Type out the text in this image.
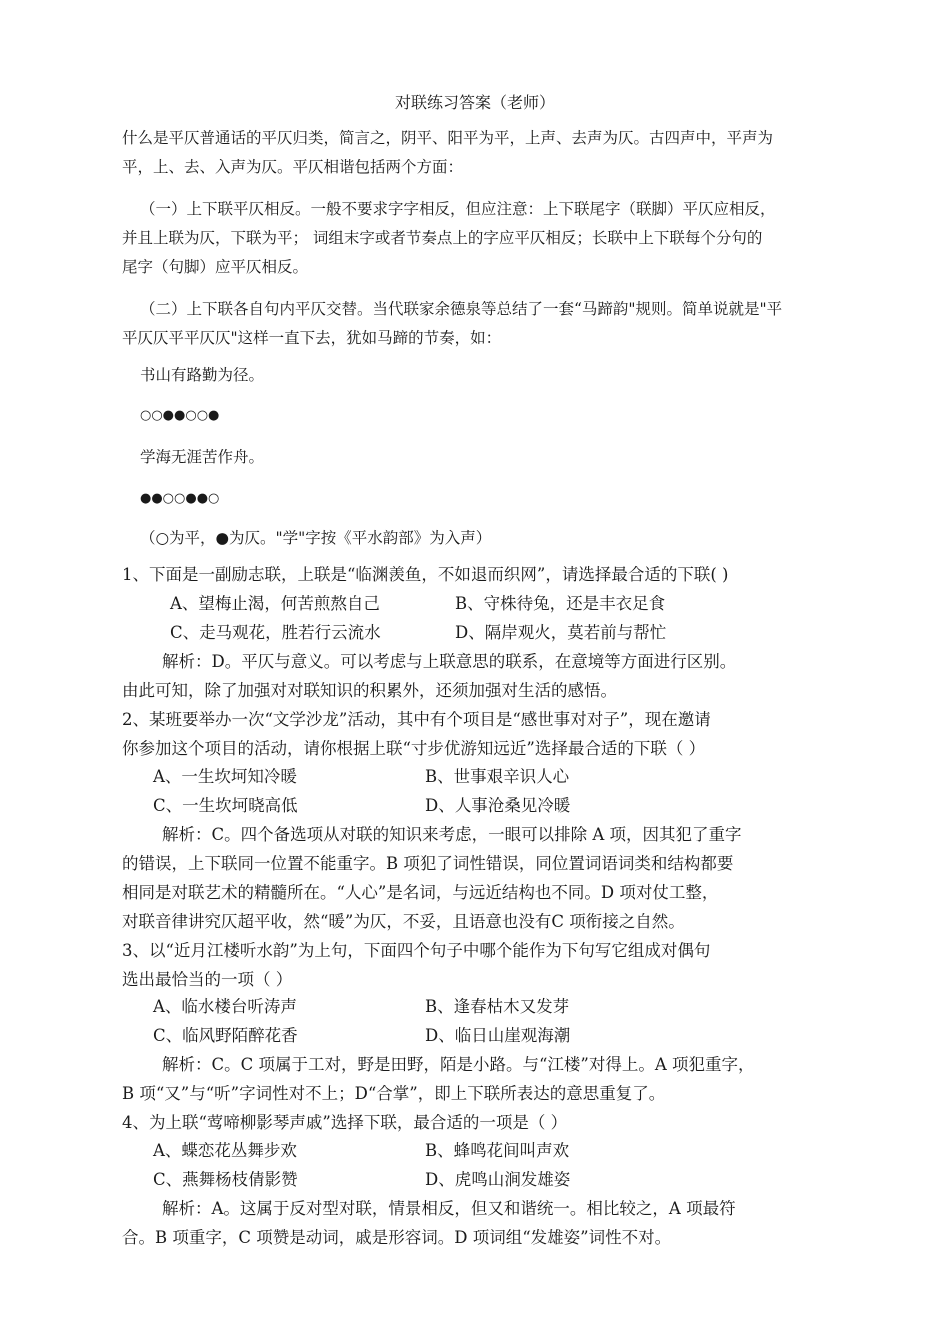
对联练习答案（老师）
什么是平仄普通话的平仄归类，简言之，阴平、阳平为平，上声、去声为仄。古四声中，平声为
平，上、去、入声为仄。平仄相谐包括两个方面：
（一）上下联平仄相反。一般不要求字字相反，但应注意：上下联尾字（联脚）平仄应相反，
并且上联为仄，下联为平； 词组末字或者节奏点上的字应平仄相反；长联中上下联每个分句的
尾字（句脚）应平仄相反。
（二）上下联各自句内平仄交替。当代联家余德泉等总结了一套“马蹄韵"规则。简单说就是"平
平仄仄平平仄仄"这样一直下去，犹如马蹄的节奏，如：
书山有路勤为径。
○○●●○○●
学海无涯苦作舟。
●●○○●●○
（○为平，●为仄。"学"字按《平水韵部》为入声）
1、下面是一副励志联，上联是“临渊羡鱼，不如退而织网”，请选择最合适的下联( )
A、望梅止渴，何苦煎熬自己	B、守株待兔，还是丰衣足食
C、走马观花，胜若行云流水	D、隔岸观火，莫若前与帮忙
解析：D。平仄与意义。可以考虑与上联意思的联系，在意境等方面进行区别。
由此可知，除了加强对对联知识的积累外，还须加强对生活的感悟。
2、某班要举办一次“文学沙龙”活动，其中有个项目是“感世事对对子”，现在邀请
你参加这个项目的活动，请你根据上联“寸步优游知远近”选择最合适的下联（ ）
A、一生坎坷知冷暖	B、世事艰辛识人心
C、一生坎坷晓高低	D、人事沧桑见冷暖
解析：C。四个备选项从对联的知识来考虑，一眼可以排除 A 项，因其犯了重字
的错误，上下联同一位置不能重字。B 项犯了词性错误，同位置词语词类和结构都要
相同是对联艺术的精髓所在。“人心”是名词，与远近结构也不同。D 项对仗工整，
对联音律讲究仄超平收，然“暖”为仄，不妥，且语意也没有C 项衔接之自然。
3、以“近月江楼听水韵”为上句，下面四个句子中哪个能作为下句写它组成对偶句
选出最恰当的一项（ ）
A、临水楼台听涛声	B、逢春枯木又发芽
C、临风野陌醉花香	D、临日山崖观海潮
解析：C。C 项属于工对，野是田野，陌是小路。与“江楼”对得上。A 项犯重字，
B 项“又”与“听”字词性对不上；D“合掌”，即上下联所表达的意思重复了。
4、为上联“莺啼柳影琴声戚”选择下联，最合适的一项是（ ）
A、蝶恋花丛舞步欢	B、蜂鸣花间叫声欢
C、燕舞杨枝倩影赞	D、虎鸣山涧发雄姿
解析：A。这属于反对型对联，情景相反，但又和谐统一。相比较之，A 项最符
合。B 项重字，C 项赞是动词，戚是形容词。D 项词组“发雄姿”词性不对。
